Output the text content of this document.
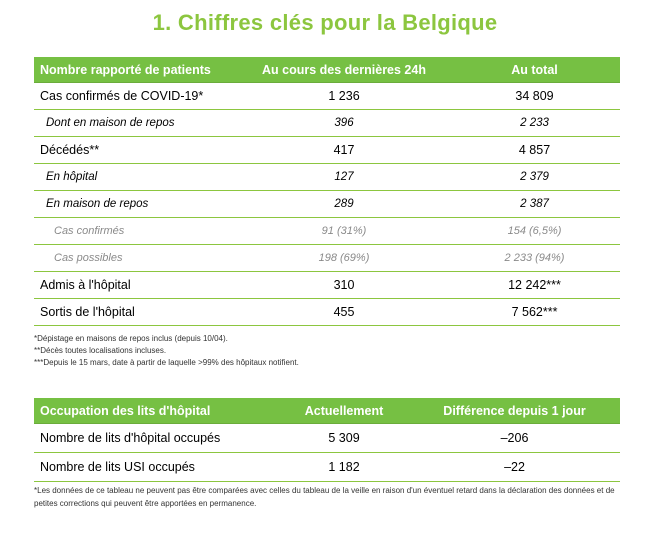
1. Chiffres clés pour la Belgique
Nombre rapporté de patients	Au cours des dernières 24h	Au total
Cas confirmés de COVID-19*	1 236	34 809
Dont en maison de repos	396	2 233
Décédés**	417	4 857
En hôpital	127	2 379
En maison de repos	289	2 387
Cas confirmés	91 (31%)	154 (6,5%)
Cas possibles	198 (69%)	2 233 (94%)
Admis à l'hôpital	310	12 242***
Sortis de l'hôpital	455	7 562***
*Dépistage en maisons de repos inclus (depuis 10/04).
**Décès toutes localisations incluses.
***Depuis le 15 mars, date à partir de laquelle >99% des hôpitaux notifient.
Occupation des lits d'hôpital	Actuellement	Différence depuis 1 jour
Nombre de lits d'hôpital occupés	5 309	–206
Nombre de lits USI occupés	1 182	–22
*Les données de ce tableau ne peuvent pas être comparées avec celles du tableau de la veille en raison d'un éventuel retard dans la déclaration des données et de petites corrections qui peuvent être apportées en permanence.
